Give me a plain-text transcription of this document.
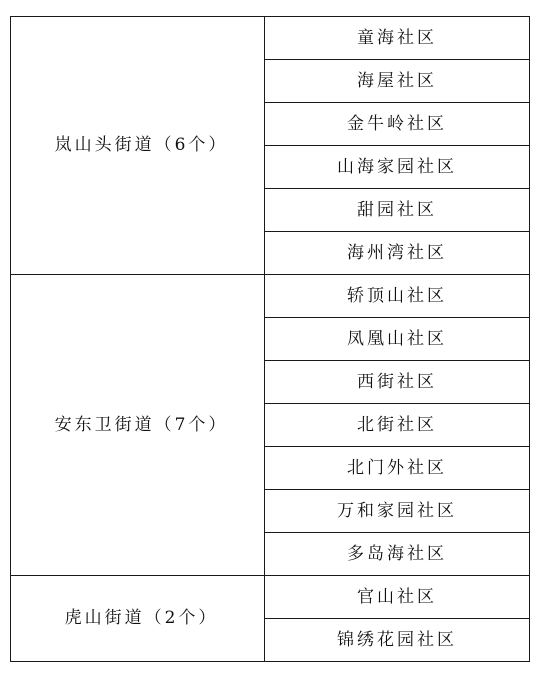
岚山头街道（6个）	童海社区
	海屋社区
	金牛岭社区
	山海家园社区
	甜园社区
	海州湾社区
安东卫街道（7个）	轿顶山社区
	凤凰山社区
	西街社区
	北街社区
	北门外社区
	万和家园社区
	多岛海社区
虎山街道（2个）	官山社区
	锦绣花园社区
